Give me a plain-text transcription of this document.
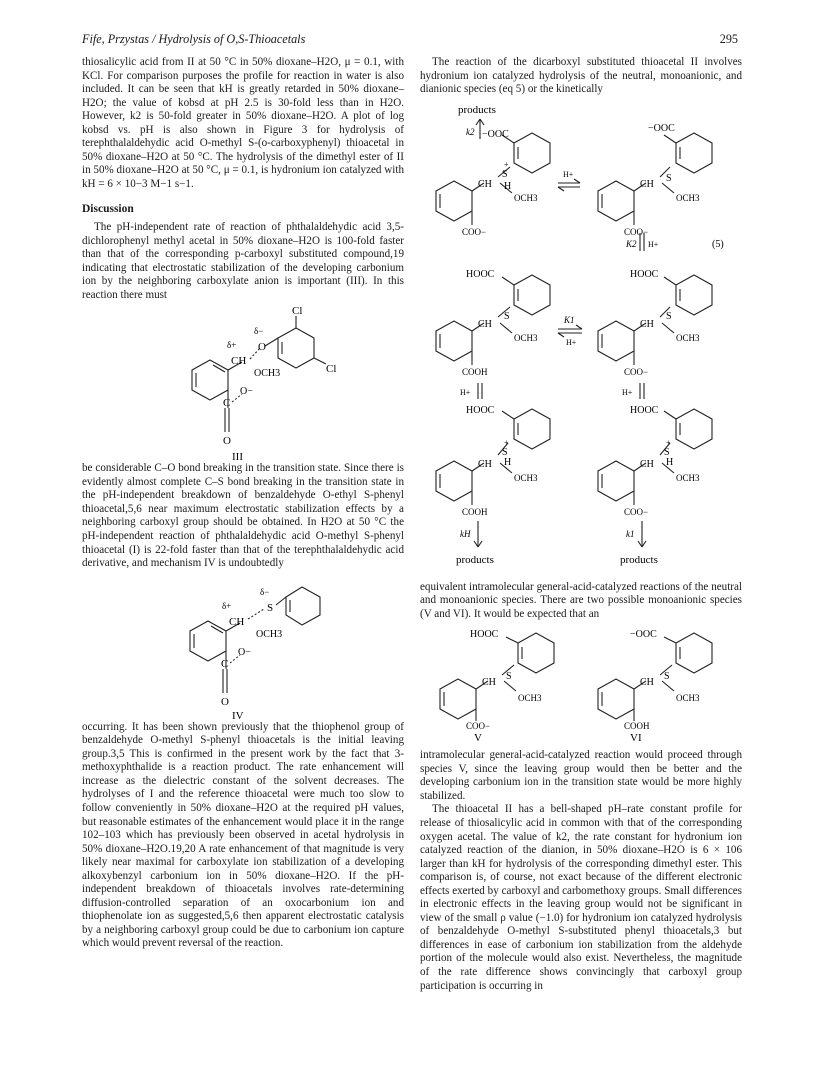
Fife, Przystas / Hydrolysis of O,S-Thioacetals	295

thiosalicylic acid from II at 50 °C in 50% dioxane–H2O, μ = 0.1, with KCl. For comparison purposes the profile for reaction in water is also included. It can be seen that kH is greatly retarded in 50% dioxane–H2O; the value of kobsd at pH 2.5 is 30-fold less than in H2O. However, k2 is 50-fold greater in 50% dioxane–H2O. A plot of log kobsd vs. pH is also shown in Figure 3 for hydrolysis of terephthalaldehydic acid O-methyl S-(o-carboxyphenyl) thioacetal in 50% dioxane–H2O at 50 °C. The hydrolysis of the dimethyl ester of II in 50% dioxane–H2O at 50 °C, μ = 0.1, is hydronium ion catalyzed with kH = 6 × 10−3 M−1 s−1.

Discussion

The pH-independent rate of reaction of phthalaldehydic acid 3,5-dichlorophenyl methyl acetal in 50% dioxane–H2O is 100-fold faster than that of the corresponding p-carboxyl substituted compound,19 indicating that electrostatic stabilization of the developing carbonium ion by the neighboring carboxylate anion is important (III). In this reaction there must

Cl
Cl
δ−
O
δ+
CH
OCH3
C
O−
O
III

be considerable C–O bond breaking in the transition state. Since there is evidently almost complete C–S bond breaking in the transition state in the pH-independent breakdown of benzaldehyde O-ethyl S-phenyl thioacetal,5,6 near maximum electrostatic stabilization effects by a neighboring carboxyl group should be obtained. In H2O at 50 °C the pH-independent reaction of phthalaldehydic acid O-methyl S-phenyl thioacetal (I) is 22-fold faster than that of the terephthalaldehydic acid derivative, and mechanism IV is undoubtedly

δ−
S
δ+
CH
OCH3
C
O−
O
IV

occurring. It has been shown previously that the thiophenol group of benzaldehyde O-methyl S-phenyl thioacetals is the initial leaving group.3,5 This is confirmed in the present work by the fact that 3-methoxyphthalide is a reaction product. The rate enhancement will increase as the dielectric constant of the solvent decreases. The hydrolyses of I and the reference thioacetal were much too slow to follow conveniently in 50% dioxane–H2O at the required pH values, but reasonable estimates of the enhancement would place it in the range 102–103 which has previously been observed in acetal hydrolysis in 50% dioxane–H2O.19,20 A rate enhancement of that magnitude is very likely near maximal for carboxylate ion stabilization of a developing alkoxybenzyl carbonium ion in 50% dioxane–H2O. If the pH-independent breakdown of thioacetals involves rate-determining diffusion-controlled separation of an oxocarbonium ion and thiophenolate ion as suggested,5,6 then apparent electrostatic catalysis by a neighboring carboxyl group could be due to carbonium ion capture which would prevent reversal of the reaction.

The reaction of the dicarboxyl substituted thioacetal II involves hydronium ion catalyzed hydrolysis of the neutral, monoanionic, and dianionic species (eq 5) or the kinetically

products
k2 −OOC
+
S
H
CH
OCH3
COO−
H+
−OOC
S
CH
OCH3
COO−
K2 H+	(5)
HOOC
S
CH
OCH3
COOH
K1
H+
HOOC
S
CH
OCH3
COO−
H+	H+
HOOC
+
S
H
CH
OCH3
COOH
HOOC
+
S
H
CH
OCH3
COO−
kH	k1
products	products

equivalent intramolecular general-acid-catalyzed reactions of the neutral and monoanionic species. There are two possible monoanionic species (V and VI). It would be expected that an

HOOC
S
CH
OCH3
COO−
V
−OOC
S
CH
OCH3
COOH
VI

intramolecular general-acid-catalyzed reaction would proceed through species V, since the leaving group would then be better and the developing carbonium ion in the transition state would be more highly stabilized.

The thioacetal II has a bell-shaped pH–rate constant profile for release of thiosalicylic acid in common with that of the corresponding oxygen acetal. The value of k2, the rate constant for hydronium ion catalyzed reaction of the dianion, in 50% dioxane–H2O is 6 × 106 larger than kH for hydrolysis of the corresponding dimethyl ester. This comparison is, of course, not exact because of the different electronic effects exerted by carboxyl and carbomethoxy groups. Small differences in electronic effects in the leaving group would not be significant in view of the small ρ value (−1.0) for hydronium ion catalyzed hydrolysis of benzaldehyde O-methyl S-substituted phenyl thioacetals,3 but differences in ease of carbonium ion stabilization from the aldehyde portion of the molecule would also exist. Nevertheless, the magnitude of the rate difference shows convincingly that carboxyl group participation is occurring in
